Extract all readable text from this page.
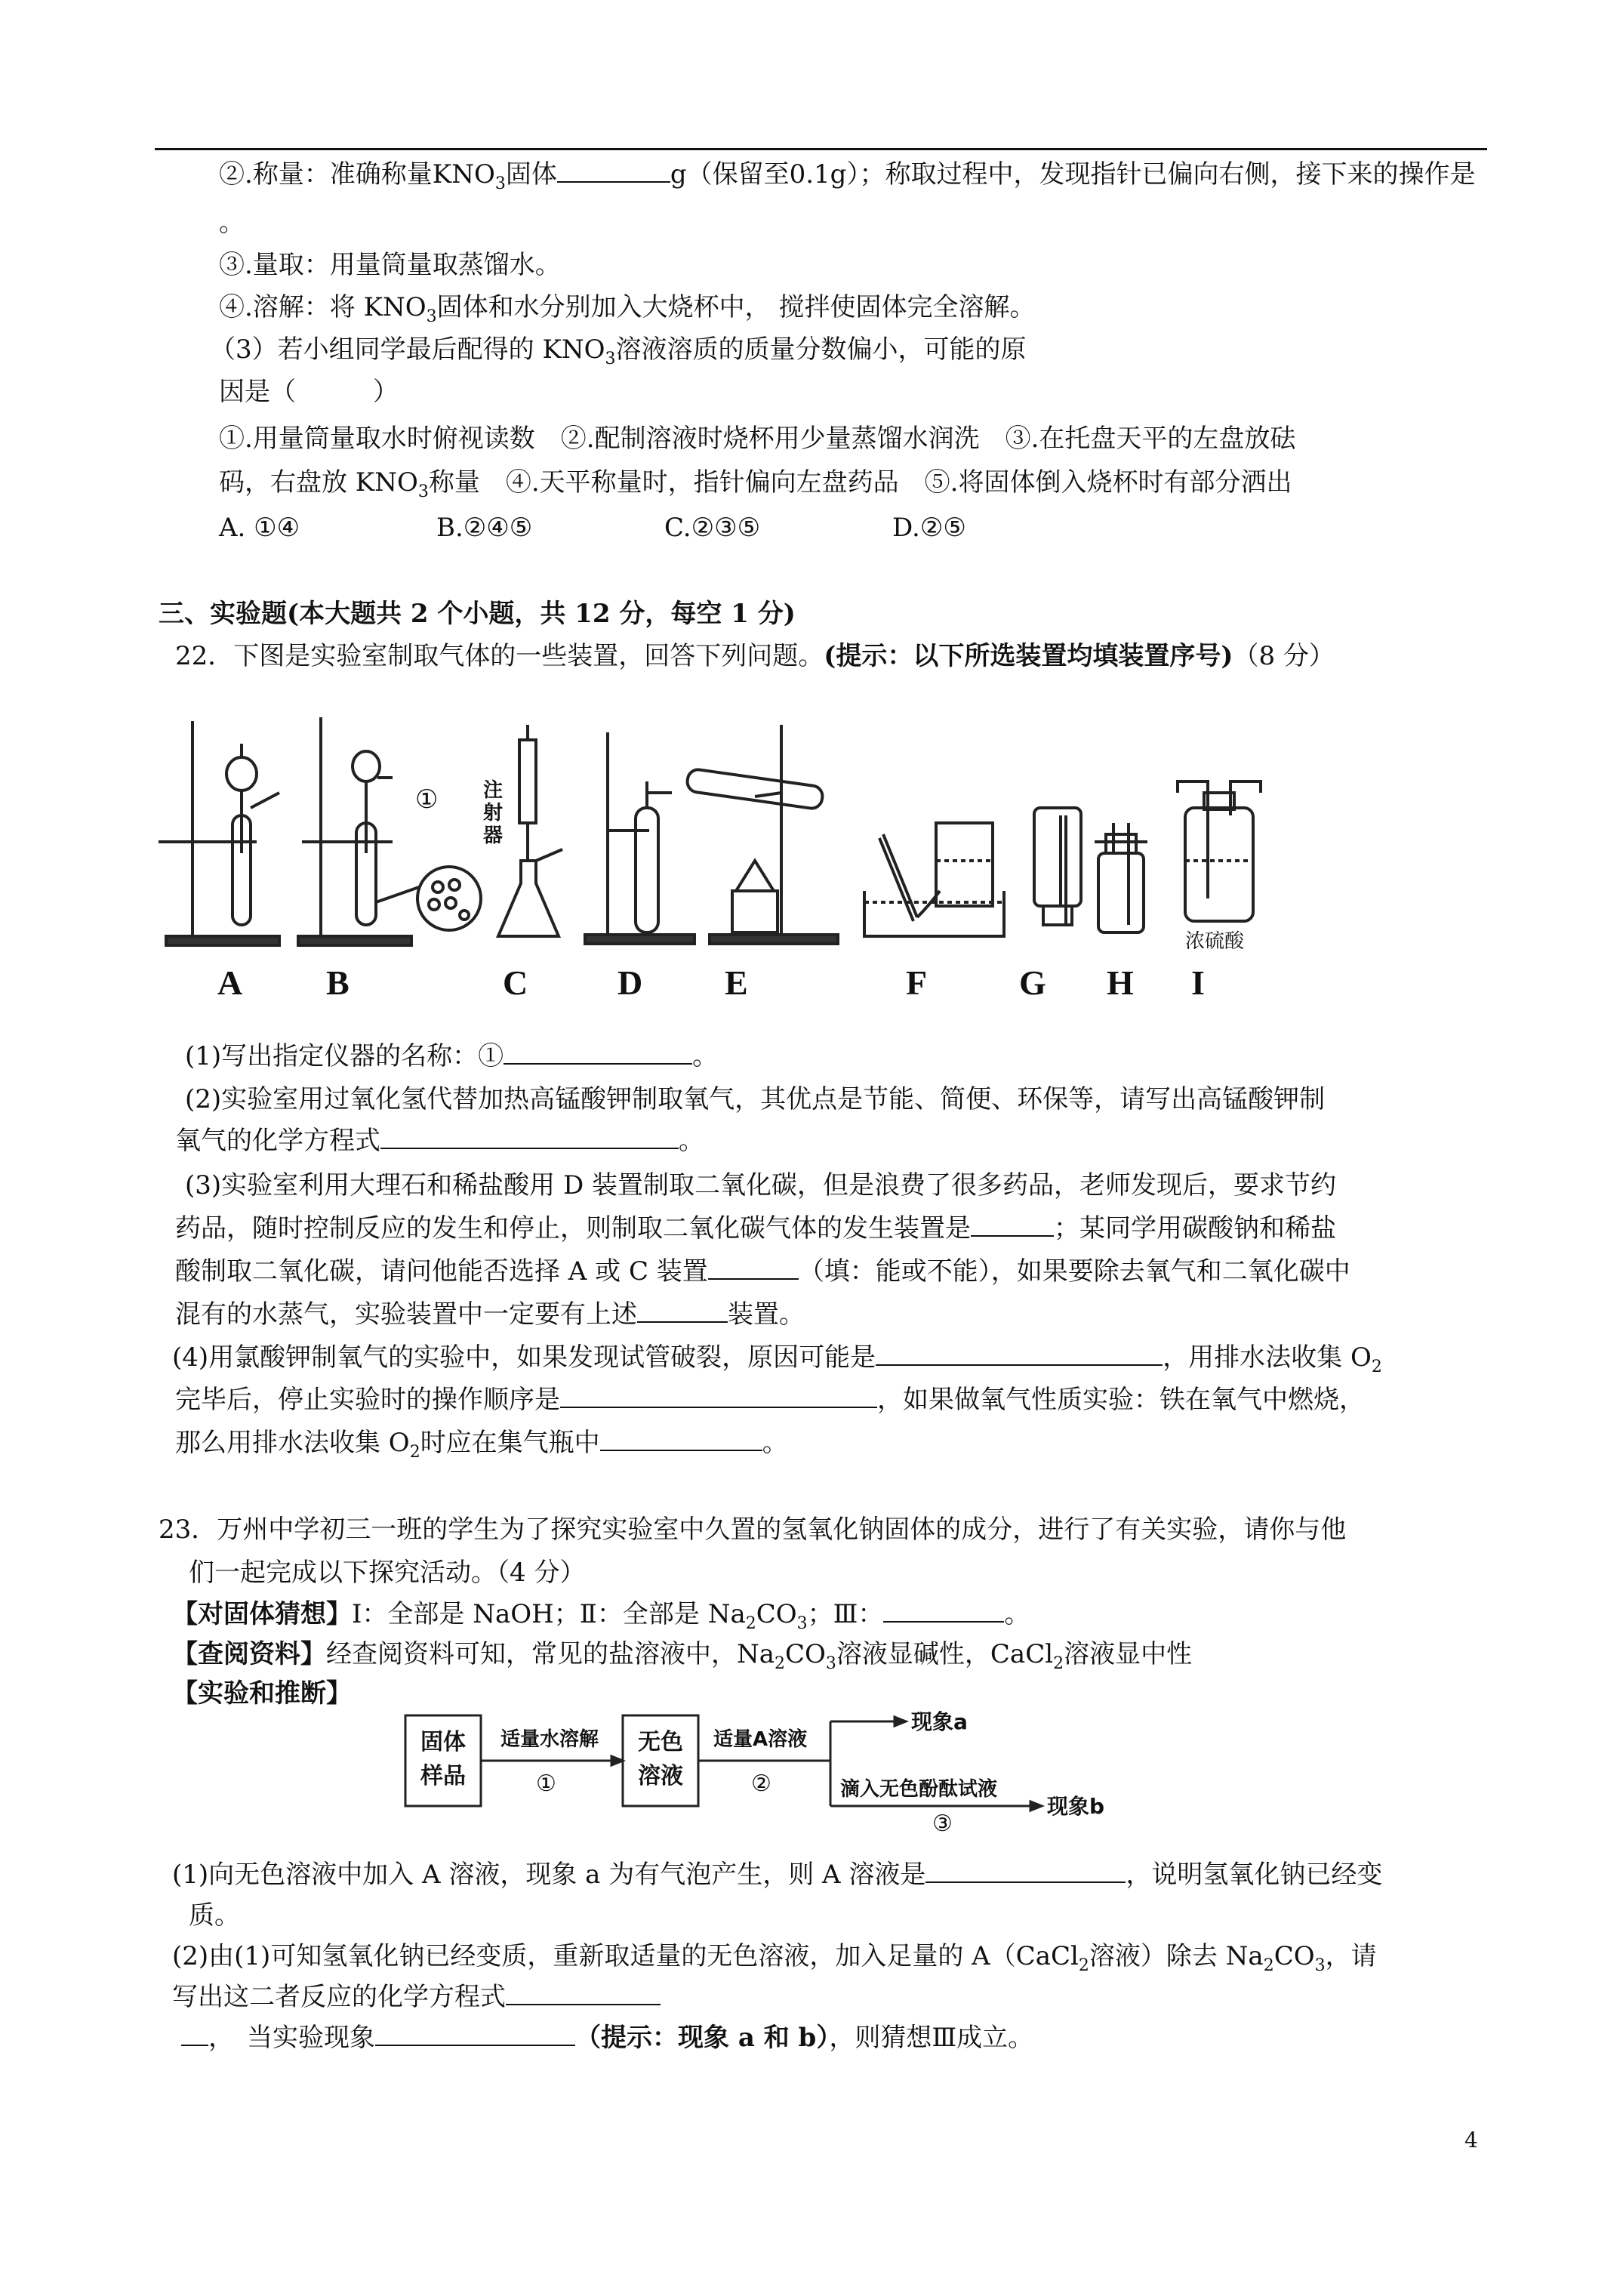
②.称量：准确称量$KNO_3$固体	g（保留至0.1g）；称取过程中，发现指针已偏向右侧，接下来的操作是
。
③.量取：用量筒量取蒸馏水。
④.溶解：将 $KNO_3$固体和水分别加入大烧杯中， 搅拌使固体完全溶解。
（3）若小组同学最后配得的 $KNO_3$溶液溶质的质量分数偏小，可能的原
因是（　　　）
①.用量筒量取水时俯视读数　②.配制溶液时烧杯用少量蒸馏水润洗　③.在托盘天平的左盘放砝
码，右盘放 $KNO_3$称量　④.天平称量时，指针偏向左盘药品　⑤.将固体倒入烧杯时有部分洒出
A. ①④	B.②④⑤	C.②③⑤	D.②⑤
三、实验题(本大题共 2 个小题，共 12 分，每空 1 分)
22．下图是实验室制取气体的一些装置，回答下列问题。(提示：以下所选装置均填装置序号)（8 分）
① 注
射
器
浓硫酸
A B	C	D E	F	G H I
(1)写出指定仪器的名称：①	。
(2)实验室用过氧化氢代替加热高锰酸钾制取氧气，其优点是节能、简便、环保等，请写出高锰酸钾制
氧气的化学方程式	。
(3)实验室利用大理石和稀盐酸用 D 装置制取二氧化碳，但是浪费了很多药品，老师发现后，要求节约
药品，随时控制反应的发生和停止，则制取二氧化碳气体的发生装置是	；某同学用碳酸钠和稀盐
酸制取二氧化碳，请问他能否选择 A 或 C 装置	（填：能或不能），如果要除去氧气和二氧化碳中
混有的水蒸气，实验装置中一定要有上述	装置。
(4)用氯酸钾制氧气的实验中，如果发现试管破裂，原因可能是	，用排水法收集 $O_2$
完毕后，停止实验时的操作顺序是	，如果做氧气性质实验：铁在氧气中燃烧，
那么用排水法收集 $O_2$时应在集气瓶中	。
23．万州中学初三一班的学生为了探究实验室中久置的氢氧化钠固体的成分，进行了有关实验，请你与他
们一起完成以下探究活动。（4 分）
【对固体猜想】Ⅰ：全部是 NaOH；Ⅱ：全部是 $Na_2CO_3$；Ⅲ：	。
【查阅资料】经查阅资料可知，常见的盐溶液中，$Na_2CO_3$溶液显碱性，CaCl$_2$溶液显中性
【实验和推断】
固体
样品
适量水溶解
①
无色
溶液
适量A溶液
②
现象a
滴入无色酚酞试液
③
现象b
(1)向无色溶液中加入 A 溶液，现象 a 为有气泡产生，则 A 溶液是	，说明氢氧化钠已经变
质。
(2)由(1)可知氢氧化钠已经变质，重新取适量的无色溶液，加入足量的 A（CaCl$_2$溶液）除去 $Na_2CO_3$，请
写出这二者反应的化学方程式
，　当实验现象	（提示：现象 a 和 b），则猜想Ⅲ成立。
4
